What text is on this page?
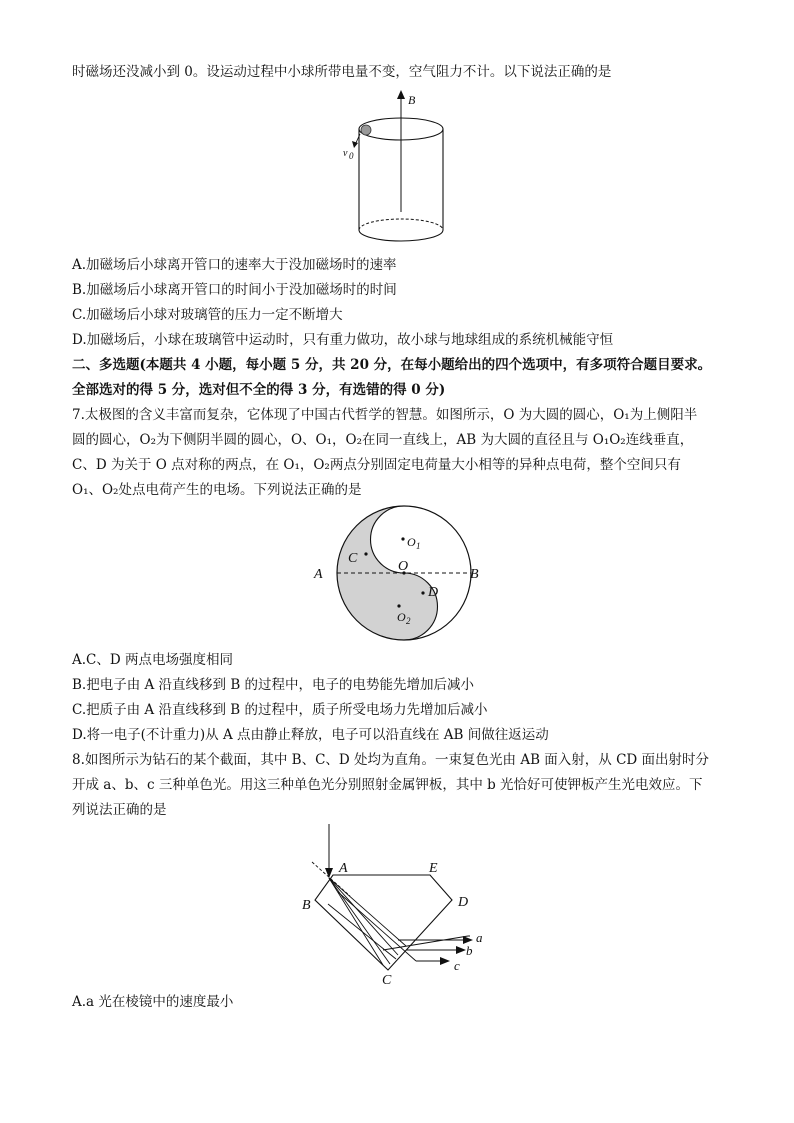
时磁场还没减小到 0。设运动过程中小球所带电量不变，空气阻力不计。以下说法正确的是
B
v 0
A.加磁场后小球离开管口的速率大于没加磁场时的速率
B.加磁场后小球离开管口的时间小于没加磁场时的时间
C.加磁场后小球对玻璃管的压力一定不断增大
D.加磁场后，小球在玻璃管中运动时，只有重力做功，故小球与地球组成的系统机械能守恒
二、多选题(本题共 4 小题，每小题 5 分，共 20 分，在每小题给出的四个选项中，有多项符合题目要求。
全部选对的得 5 分，选对但不全的得 3 分，有选错的得 0 分)
7.太极图的含义丰富而复杂，它体现了中国古代哲学的智慧。如图所示，O 为大圆的圆心，O₁为上侧阳半
圆的圆心，O₂为下侧阴半圆的圆心，O、O₁，O₂在同一直线上，AB 为大圆的直径且与 O₁O₂连线垂直，
C、D 为关于 O 点对称的两点，在 O₁，O₂两点分别固定电荷量大小相等的异种点电荷，整个空间只有
O₁、O₂处点电荷产生的电场。下列说法正确的是
A	B
O
C
D
O 1
O 2
A.C、D 两点电场强度相同
B.把电子由 A 沿直线移到 B 的过程中，电子的电势能先增加后减小
C.把质子由 A 沿直线移到 B 的过程中，质子所受电场力先增加后减小
D.将一电子(不计重力)从 A 点由静止释放，电子可以沿直线在 AB 间做往返运动
8.如图所示为钻石的某个截面，其中 B、C、D 处均为直角。一束复色光由 AB 面入射，从 CD 面出射时分
开成 a、b、c 三种单色光。用这三种单色光分别照射金属钾板，其中 b 光恰好可使钾板产生光电效应。下
列说法正确的是
A	E
B	D
C
a
b
c
A.a 光在棱镜中的速度最小
